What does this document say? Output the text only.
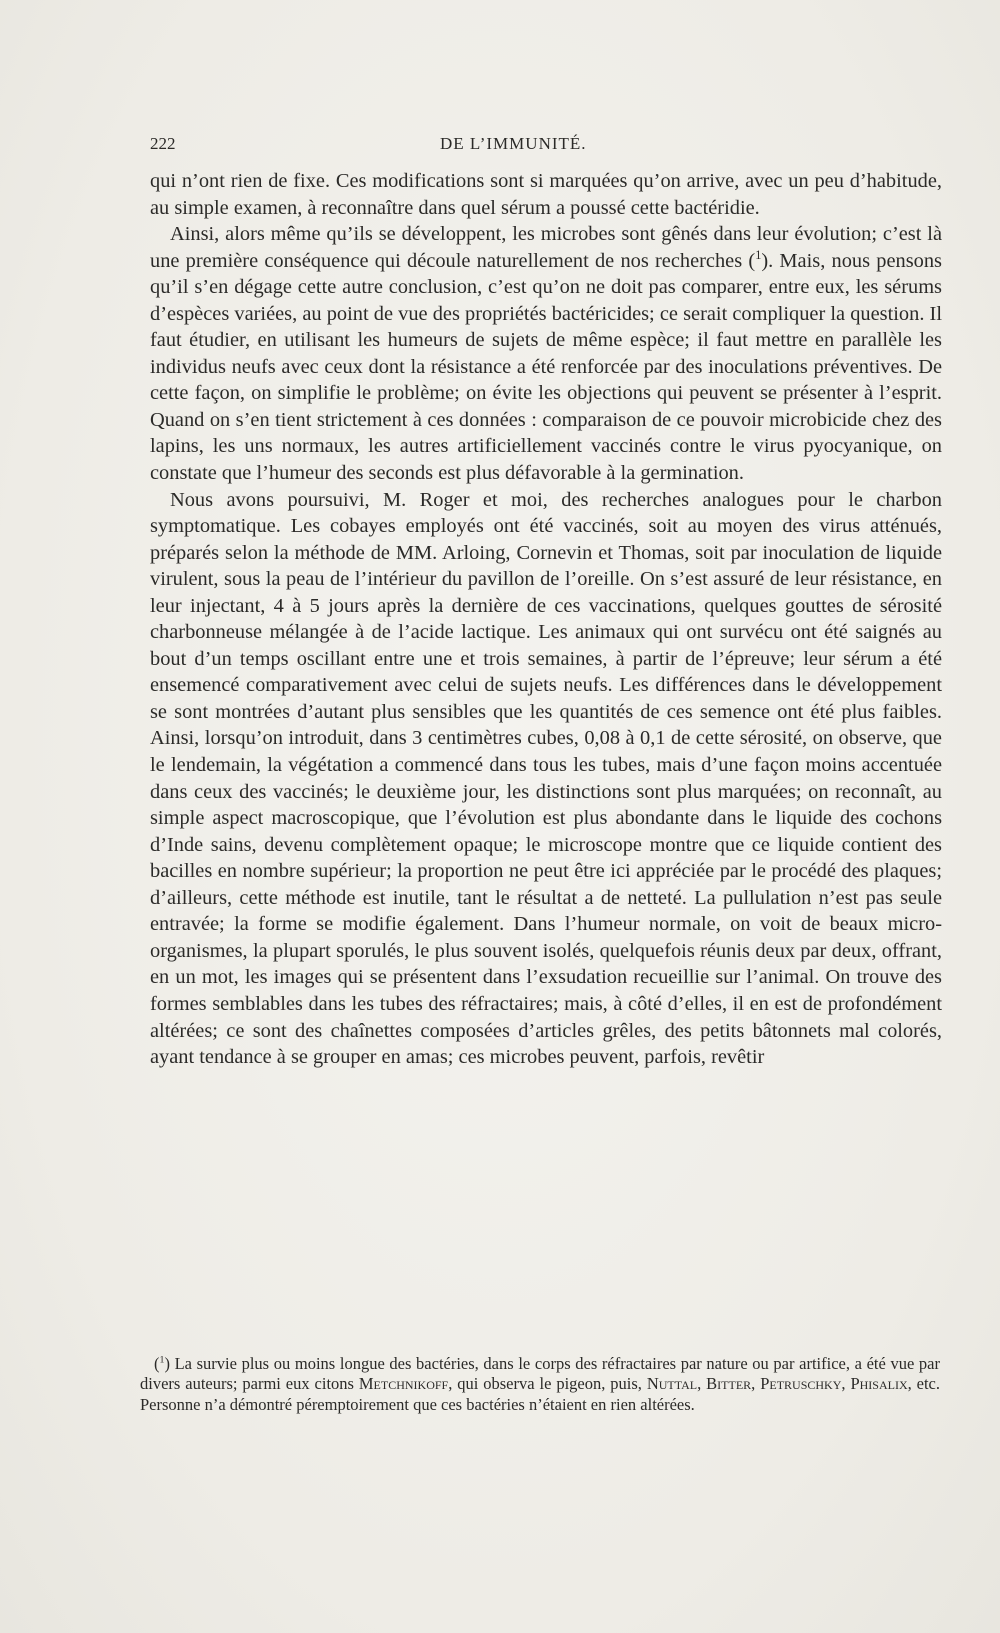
222	DE L’IMMUNITÉ.

qui n’ont rien de fixe. Ces modifications sont si marquées qu’on arrive, avec un peu d’habitude, au simple examen, à reconnaître dans quel sérum a poussé cette bactéridie.

Ainsi, alors même qu’ils se développent, les microbes sont gênés dans leur évolution; c’est là une première conséquence qui découle naturellement de nos recherches ($^1$). Mais, nous pensons qu’il s’en dégage cette autre conclusion, c’est qu’on ne doit pas comparer, entre eux, les sérums d’espèces variées, au point de vue des propriétés bactéricides; ce serait compliquer la question. Il faut étudier, en utilisant les humeurs de sujets de même espèce; il faut mettre en parallèle les individus neufs avec ceux dont la résistance a été renforcée par des inoculations préventives. De cette façon, on simplifie le problème; on évite les objections qui peuvent se présenter à l’esprit. Quand on s’en tient strictement à ces données : comparaison de ce pouvoir microbicide chez des lapins, les uns normaux, les autres artificiellement vaccinés contre le virus pyocyanique, on constate que l’humeur des seconds est plus défavorable à la germination.

Nous avons poursuivi, M. Roger et moi, des recherches analogues pour le charbon symptomatique. Les cobayes employés ont été vaccinés, soit au moyen des virus atténués, préparés selon la méthode de MM. Arloing, Cornevin et Thomas, soit par inoculation de liquide virulent, sous la peau de l’intérieur du pavillon de l’oreille. On s’est assuré de leur résistance, en leur injectant, 4 à 5 jours après la dernière de ces vaccinations, quelques gouttes de sérosité charbonneuse mélangée à de l’acide lactique. Les animaux qui ont survécu ont été saignés au bout d’un temps oscillant entre une et trois semaines, à partir de l’épreuve; leur sérum a été ensemencé comparativement avec celui de sujets neufs. Les différences dans le développement se sont montrées d’autant plus sensibles que les quantités de ces semence ont été plus faibles. Ainsi, lorsqu’on introduit, dans 3 centimètres cubes, 0,08 à 0,1 de cette sérosité, on observe, que le lendemain, la végétation a commencé dans tous les tubes, mais d’une façon moins accentuée dans ceux des vaccinés; le deuxième jour, les distinctions sont plus marquées; on reconnaît, au simple aspect macroscopique, que l’évolution est plus abondante dans le liquide des cochons d’Inde sains, devenu complètement opaque; le microscope montre que ce liquide contient des bacilles en nombre supérieur; la proportion ne peut être ici appréciée par le procédé des plaques; d’ailleurs, cette méthode est inutile, tant le résultat a de netteté. La pullulation n’est pas seule entravée; la forme se modifie également. Dans l’humeur normale, on voit de beaux micro-organismes, la plupart sporulés, le plus souvent isolés, quelquefois réunis deux par deux, offrant, en un mot, les images qui se présentent dans l’exsudation recueillie sur l’animal. On trouve des formes semblables dans les tubes des réfractaires; mais, à côté d’elles, il en est de profondément altérées; ce sont des chaînettes composées d’articles grêles, des petits bâtonnets mal colorés, ayant tendance à se grouper en amas; ces microbes peuvent, parfois, revêtir

($^1$) La survie plus ou moins longue des bactéries, dans le corps des réfractaires par nature ou par artifice, a été vue par divers auteurs; parmi eux citons Metchnikoff, qui observa le pigeon, puis, Nuttal, Bitter, Petruschky, Phisalix, etc. Personne n’a démontré péremptoirement que ces bactéries n’étaient en rien altérées.
